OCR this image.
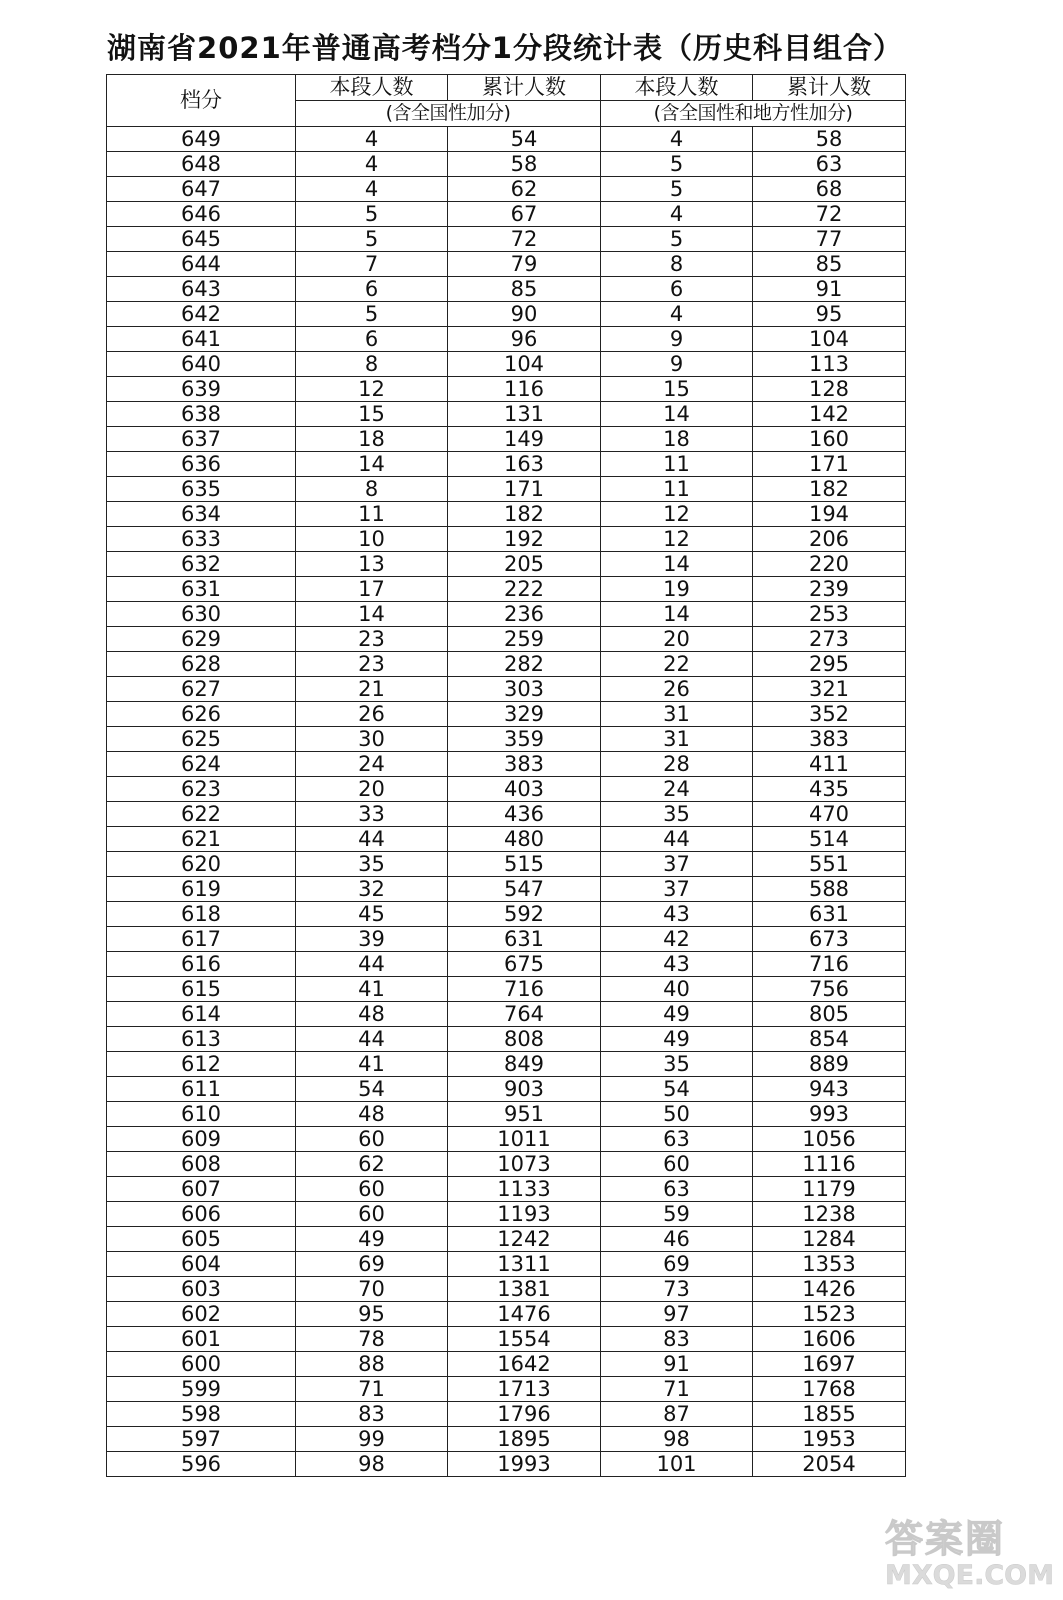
湖南省2021年普通高考档分1分段统计表（历史科目组合）
档分	本段人数	累计人数	本段人数	累计人数
	(含全国性加分)		(含全国性和地方性加分)	
649	4	54	4	58
648	4	58	5	63
647	4	62	5	68
646	5	67	4	72
645	5	72	5	77
644	7	79	8	85
643	6	85	6	91
642	5	90	4	95
641	6	96	9	104
640	8	104	9	113
639	12	116	15	128
638	15	131	14	142
637	18	149	18	160
636	14	163	11	171
635	8	171	11	182
634	11	182	12	194
633	10	192	12	206
632	13	205	14	220
631	17	222	19	239
630	14	236	14	253
629	23	259	20	273
628	23	282	22	295
627	21	303	26	321
626	26	329	31	352
625	30	359	31	383
624	24	383	28	411
623	20	403	24	435
622	33	436	35	470
621	44	480	44	514
620	35	515	37	551
619	32	547	37	588
618	45	592	43	631
617	39	631	42	673
616	44	675	43	716
615	41	716	40	756
614	48	764	49	805
613	44	808	49	854
612	41	849	35	889
611	54	903	54	943
610	48	951	50	993
609	60	1011	63	1056
608	62	1073	60	1116
607	60	1133	63	1179
606	60	1193	59	1238
605	49	1242	46	1284
604	69	1311	69	1353
603	70	1381	73	1426
602	95	1476	97	1523
601	78	1554	83	1606
600	88	1642	91	1697
599	71	1713	71	1768
598	83	1796	87	1855
597	99	1895	98	1953
596	98	1993	101	2054
答案圈
MXQE.COM
